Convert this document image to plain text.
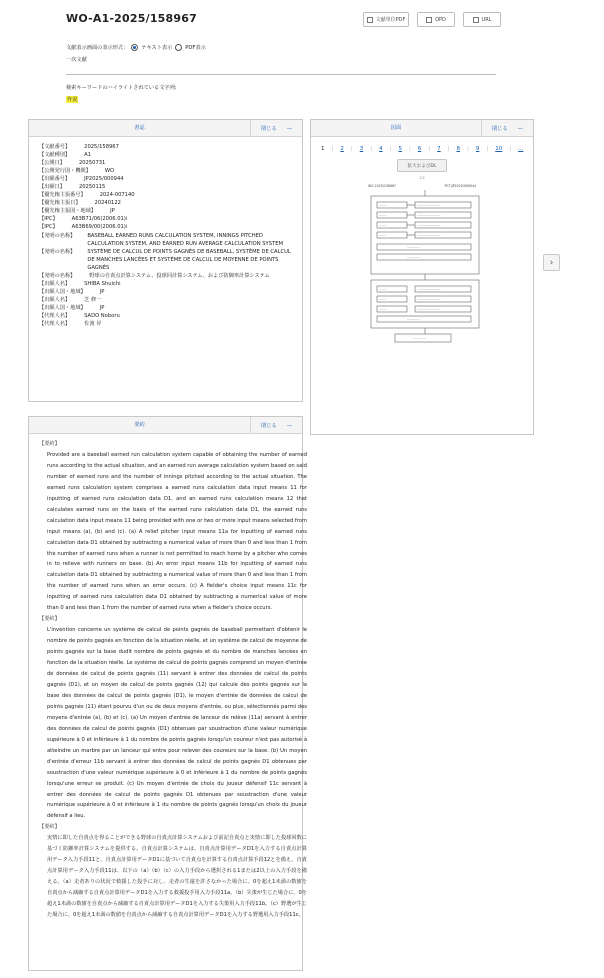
WO-A1-2025/158967	文献単位PDF	OPD	URL
文献表示画面の表示形式：	テキスト表示	PDF表示
一次文献
検索キーワードのハイライトされている文字列:
作況
書誌	閉じる —
【文献番号】	2025/158967
【文献種別】	A1
【公開日】	20250731
【公開発行国・機関】	WO
【出願番号】	JP2025/000944
【出願日】	20250115
【優先権主張番号】	2024-007140
【優先権主張日】	20240122
【優先権主張国・地域】	JP
【IPC】	A63B71/06(2006.01)i
【IPC】	A63B69/00(2006.01)i
【発明の名称】 BASEBALL EARNED RUNS CALCULATION SYSTEM, INNINGS PITCHED CALCULATION SYSTEM, AND EARNED RUN AVERAGE CALCULATION SYSTEM
【発明の名称】 SYSTÈME DE CALCUL DE POINTS GAGNÉS DE BASEBALL, SYSTÈME DE CALCUL DE MANCHES LANCÉES ET SYSTÈME DE CALCUL DE MOYENNE DE POINTS GAGNÉS
【発明の名称】	野球の自責点計算システム、投球回計算システム、および防御率計算システム
【出願人名】	SHIBA Shuichi
【出願人国・地域】	JP
【出願人名】	芝 修一
【出願人国・地域】	JP
【代理人名】	SADO Noboru
【代理人名】	佐渡 昇
図面	閉じる —
1 | 2 | 3 | 4 | 5 | 6 | 7 | 8 | 9 | 10 | ...
拡大およびDL
1/2
WO 2025/158967	PCT/JP2025/000944
———	—————————
———	—————————
———	—————————
———	—————————
—————
—————
———	—————————
———	—————————
———	—————————
—————
—————
›
要約	閉じる —
【要約】
Provided are a baseball earned run calculation system capable of obtaining the number of earned runs according to the actual situation, and an earned run average calculation system based on said number of earned runs and the number of innings pitched according to the actual situation. The earned runs calculation system comprises a earned runs calculation data input means 11 for inputting of earned runs calculation data D1, and an earned runs calculation means 12 that calculates earned runs on the basis of the earned runs calculation data D1, the earned runs calculation data input means 11 being provided with one or two or more input means selected from input means (a), (b) and (c). (a) A relief pitcher input means 11a for inputting of earned runs calculation data D1 obtained by subtracting a numerical value of more than 0 and less than 1 from the number of earned runs when a runner is not permitted to reach home by a pitcher who comes in to relieve with runners on base. (b) An error input means 11b for inputting of earned runs calculation data D1 obtained by subtracting a numerical value of more than 0 and less than 1 from the number of earned runs when an error occurs. (c) A fielder's choice input means 11c for inputting of earned runs calculation data D1 obtained by subtracting a numerical value of more than 0 and less than 1 from the number of earned runs when a fielder's choice occurs.
【要約】
L'invention concerne un système de calcul de points gagnés de baseball permettant d'obtenir le nombre de points gagnés en fonction de la situation réelle, et un système de calcul de moyenne de points gagnés sur la base dudit nombre de points gagnés et du nombre de manches lancées en fonction de la situation réelle. Le système de calcul de points gagnés comprend un moyen d'entrée de données de calcul de points gagnés (11) servant à entrer des données de calcul de points gagnés (D1), et un moyen de calcul de points gagnés (12) qui calcule des points gagnés sur la base des données de calcul de points gagnés (D1), le moyen d'entrée de données de calcul de points gagnés (11) étant pourvu d'un ou de deux moyens d'entrée, ou plus, sélectionnés parmi des moyens d'entrée (a), (b) et (c). (a) Un moyen d'entrée de lanceur de relève (11a) servant à entrer des données de calcul de points gagnés (D1) obtenues par soustraction d'une valeur numérique supérieure à 0 et inférieure à 1 du nombre de points gagnés lorsqu'un coureur n'est pas autorisé à atteindre un marbre par un lanceur qui entre pour relever des coureurs sur la base. (b) Un moyen d'entrée d'erreur 11b servant à entrer des données de calcul de points gagnés D1 obtenues par soustraction d'une valeur numérique supérieure à 0 et inférieure à 1 du nombre de points gagnés lorsqu'une erreur se produit. (c) Un moyen d'entrée de choix du joueur défensif 11c servant à entrer des données de calcul de points gagnés D1 obtenues par soustraction d'une valeur numérique supérieure à 0 et inférieure à 1 du nombre de points gagnés lorsqu'un choix du joueur défensif a lieu.
【要約】
実情に即した自責点を得ることができる野球の自責点計算システムおよび前記自責点と実情に即した投球回数に基づく防御率計算システムを提供する。自責点計算システムは、自責点計算用データD1を入力する自責点計算用データ入力手段11と、自責点計算用データD1に基づいて自責点を計算する自責点計算手段12とを備え、自責点計算用データ入力手段11は、以下の（a）（b）（c）の入力手段から選択される1または2以上の入力手段を備える。（a）走者ありの状況で救援した投手に対し、走者の生還を許さなかった場合に、0を超え1未満の数値を自責点から減縮する自責点計算用データD1を入力する救援投手用入力手段11a。（b）失策が生じた場合に、0を超え1未満の数値を自責点から減縮する自責点計算用データD1を入力する失策用入力手段11b。（c）野選が生じた場合に、0を超え1未満の数値を自責点から減縮する自責点計算用データD1を入力する野選用入力手段11c。
